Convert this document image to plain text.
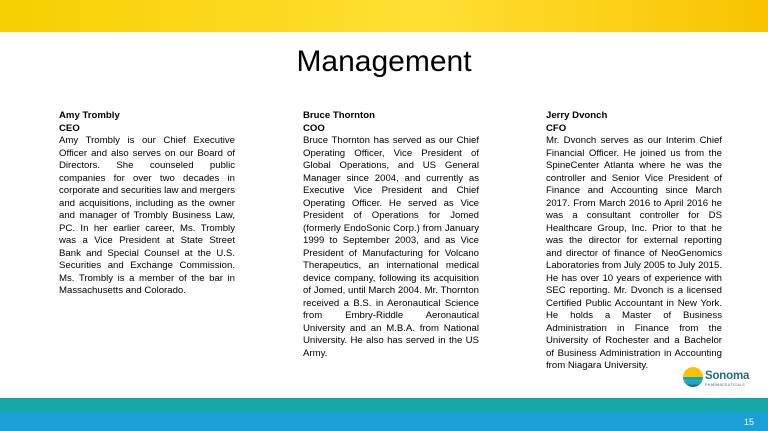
Management
Amy Trombly
CEO
Amy Trombly is our Chief Executive Officer and also serves on our Board of Directors. She counseled public companies for over two decades in corporate and securities law and mergers and acquisitions, including as the owner and manager of Trombly Business Law, PC. In her earlier career, Ms. Trombly was a Vice President at State Street Bank and Special Counsel at the U.S. Securities and Exchange Commission. Ms. Trombly is a member of the bar in Massachusetts and Colorado.
Bruce Thornton
COO
Bruce Thornton has served as our Chief Operating Officer, Vice President of Global Operations, and US General Manager since 2004, and currently as Executive Vice President and Chief Operating Officer. He served as Vice President of Operations for Jomed (formerly EndoSonic Corp.) from January 1999 to September 2003, and as Vice President of Manufacturing for Volcano Therapeutics, an international medical device company, following its acquisition of Jomed, until March 2004. Mr. Thornton received a B.S. in Aeronautical Science from Embry-Riddle Aeronautical University and an M.B.A. from National University. He also has served in the US Army.
Jerry Dvonch
CFO
Mr. Dvonch serves as our Interim Chief Financial Officer. He joined us from the SpineCenter Atlanta where he was the controller and Senior Vice President of Finance and Accounting since March 2017. From March 2016 to April 2016 he was a consultant controller for DS Healthcare Group, Inc. Prior to that he was the director for external reporting and director of finance of NeoGenomics Laboratories from July 2005 to July 2015. He has over 10 years of experience with SEC reporting. Mr. Dvonch is a licensed Certified Public Accountant in New York. He holds a Master of Business Administration in Finance from the University of Rochester and a Bachelor of Business Administration in Accounting from Niagara University.
Sonoma
PHARMACEUTICALS
15
